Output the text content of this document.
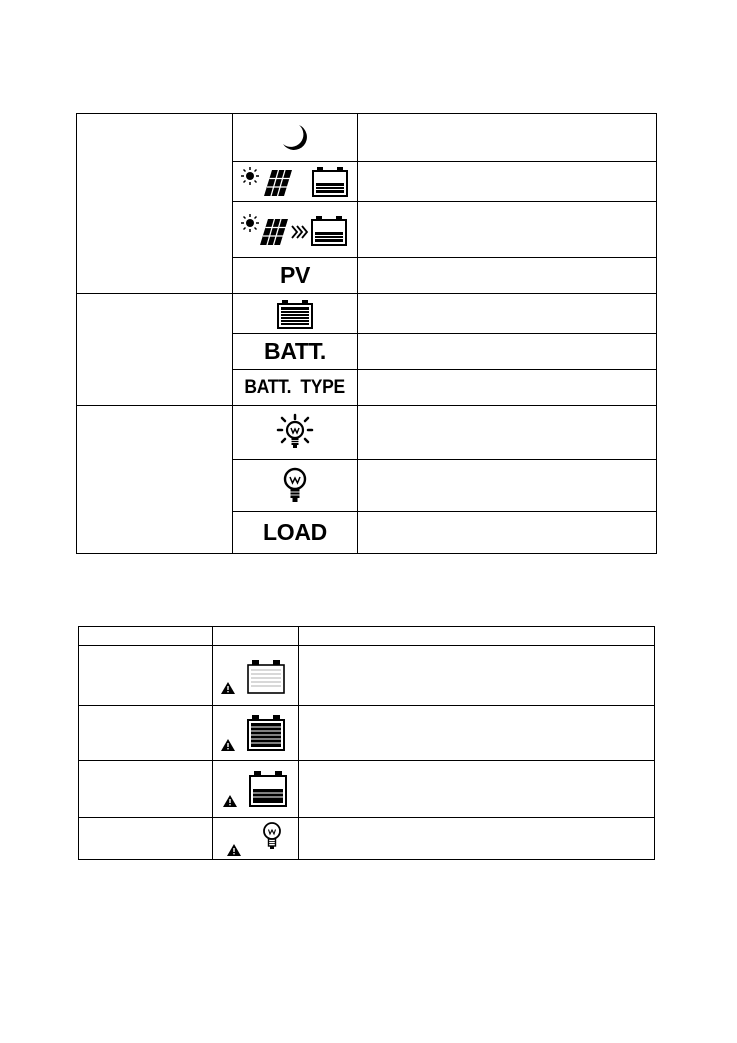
	PV	

	BATT.	
	BATT.  TYPE	

	LOAD	
